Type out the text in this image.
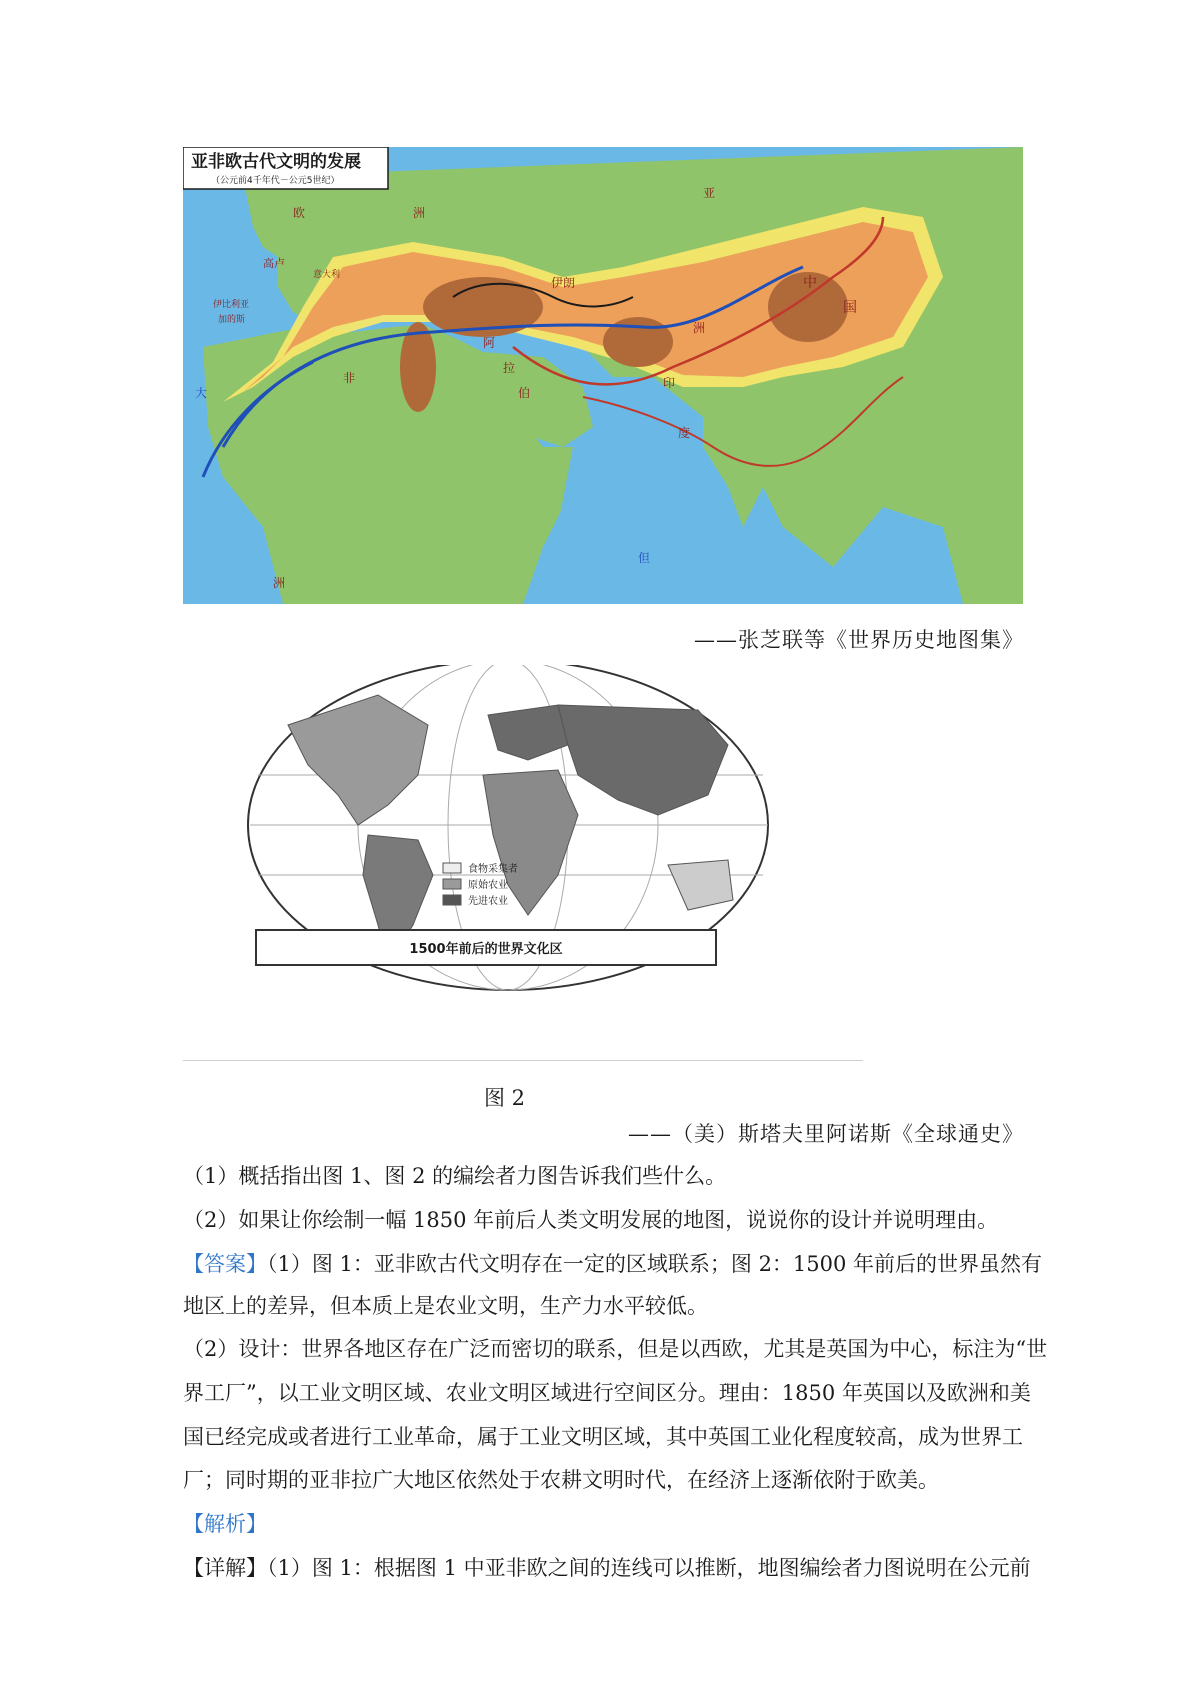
亚非欧古代文明的发展
（公元前4千年代－公元5世纪）
欧
高卢
意大利
伊比利亚
加的斯
洲
亚
洲
伊朗	中
国
印
度
阿
拉
伯
非
洲
但
大
——张芝联等《世界历史地图集》
食物采集者
原始农业
先进农业
1500年前后的世界文化区
图 2
——（美）斯塔夫里阿诺斯《全球通史》
（1）概括指出图 1、图 2 的编绘者力图告诉我们些什么。
（2）如果让你绘制一幅 1850 年前后人类文明发展的地图，说说你的设计并说明理由。
【答案】（1）图 1：亚非欧古代文明存在一定的区域联系；图 2：1500 年前后的世界虽然有
地区上的差异，但本质上是农业文明，生产力水平较低。
（2）设计：世界各地区存在广泛而密切的联系，但是以西欧，尤其是英国为中心，标注为“世
界工厂”，以工业文明区域、农业文明区域进行空间区分。理由：1850 年英国以及欧洲和美
国已经完成或者进行工业革命，属于工业文明区域，其中英国工业化程度较高，成为世界工
厂；同时期的亚非拉广大地区依然处于农耕文明时代，在经济上逐渐依附于欧美。
【解析】
【详解】（1）图 1：根据图 1 中亚非欧之间的连线可以推断，地图编绘者力图说明在公元前
